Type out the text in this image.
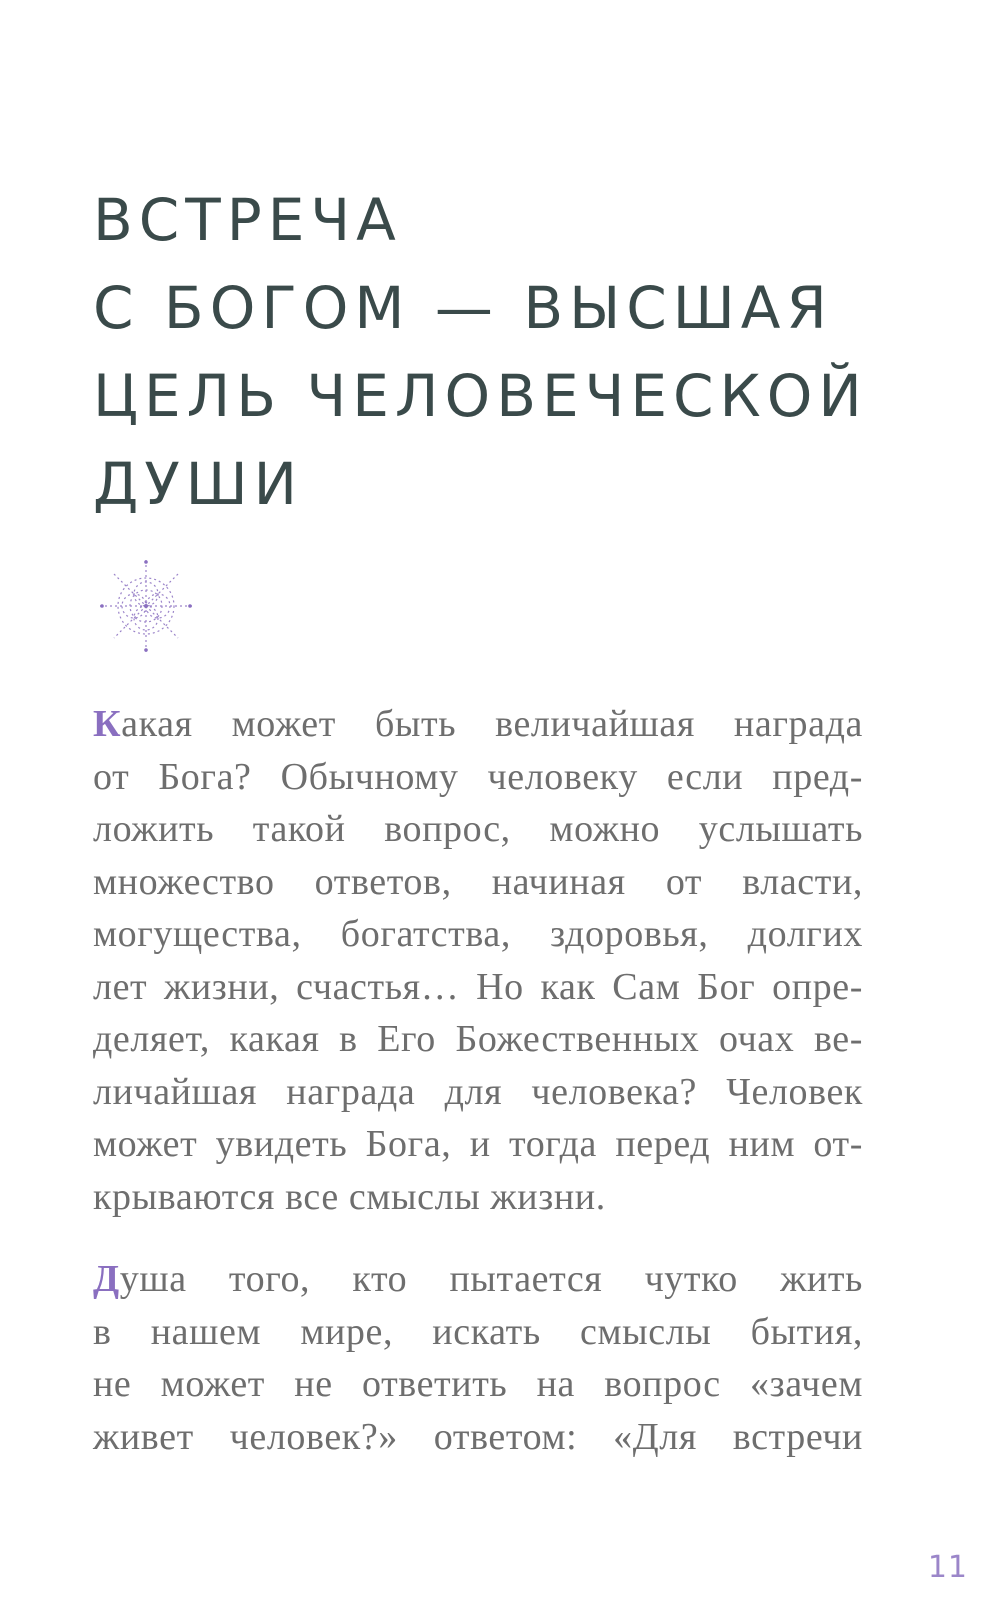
ВСТРЕЧА
С БОГОМ — ВЫСШАЯ
ЦЕЛЬ ЧЕЛОВЕЧЕСКОЙ
ДУШИ

Какая может быть величайшая награда
от Бога? Обычному человеку если пред-
ложить такой вопрос, можно услышать
множество ответов, начиная от власти,
могущества, богатства, здоровья, долгих
лет жизни, счастья… Но как Сам Бог опре-
деляет, какая в Его Божественных очах ве-
личайшая награда для человека? Человек
может увидеть Бога, и тогда перед ним от-
крываются все смыслы жизни.

Душа того, кто пытается чутко жить
в нашем мире, искать смыслы бытия,
не может не ответить на вопрос «зачем
живет человек?» ответом: «Для встречи

11
